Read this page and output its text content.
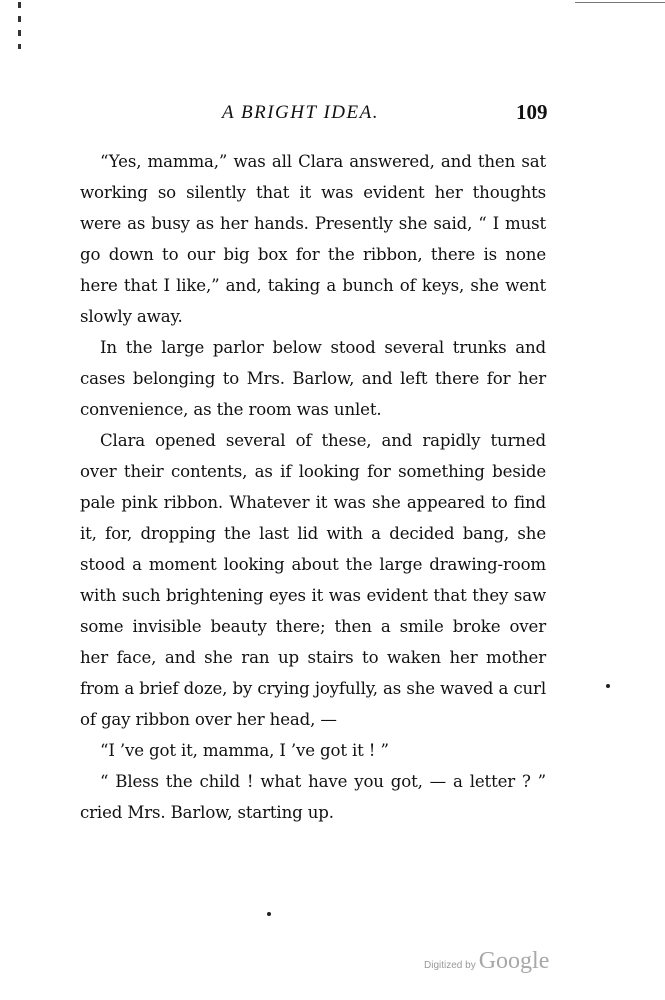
A BRIGHT IDEA.	109

“Yes, mamma,” was all Clara answered, and then sat working so silently that it was evident her thoughts were as busy as her hands. Presently she said, “ I must go down to our big box for the ribbon, there is none here that I like,” and, taking a bunch of keys, she went slowly away.

In the large parlor below stood several trunks and cases belonging to Mrs. Barlow, and left there for her convenience, as the room was unlet.

Clara opened several of these, and rapidly turned over their contents, as if looking for something beside pale pink ribbon. Whatever it was she appeared to find it, for, dropping the last lid with a decided bang, she stood a moment looking about the large drawing-room with such brightening eyes it was evident that they saw some invisible beauty there; then a smile broke over her face, and she ran up stairs to waken her mother from a brief doze, by crying joyfully, as she waved a curl of gay ribbon over her head, —

“I ’ve got it, mamma, I ’ve got it ! ”

“ Bless the child ! what have you got, — a letter ? ” cried Mrs. Barlow, starting up.

Digitized by Google
